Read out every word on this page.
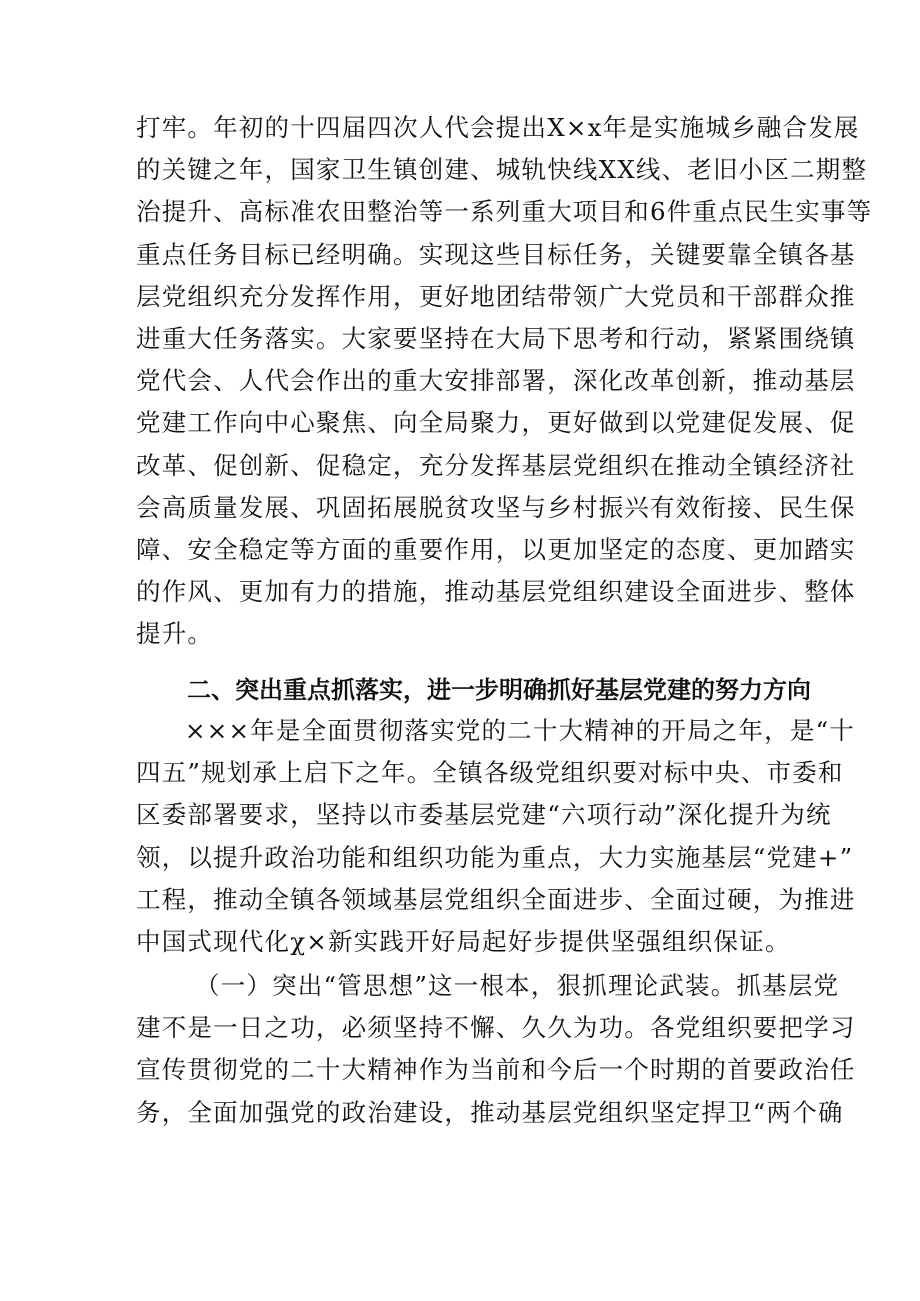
打牢。年初的十四届四次人代会提出X×x年是实施城乡融合发展
的关键之年，国家卫生镇创建、城轨快线XX线、老旧小区二期整
治提升、高标准农田整治等一系列重大项目和6件重点民生实事等
重点任务目标已经明确。实现这些目标任务，关键要靠全镇各基
层党组织充分发挥作用，更好地团结带领广大党员和干部群众推
进重大任务落实。大家要坚持在大局下思考和行动，紧紧围绕镇
党代会、人代会作出的重大安排部署，深化改革创新，推动基层
党建工作向中心聚焦、向全局聚力，更好做到以党建促发展、促
改革、促创新、促稳定，充分发挥基层党组织在推动全镇经济社
会高质量发展、巩固拓展脱贫攻坚与乡村振兴有效衔接、民生保
障、安全稳定等方面的重要作用，以更加坚定的态度、更加踏实
的作风、更加有力的措施，推动基层党组织建设全面进步、整体
提升。
二、突出重点抓落实，进一步明确抓好基层党建的努力方向
×××年是全面贯彻落实党的二十大精神的开局之年，是“十
四五”规划承上启下之年。全镇各级党组织要对标中央、市委和
区委部署要求，坚持以市委基层党建“六项行动”深化提升为统
领，以提升政治功能和组织功能为重点，大力实施基层“党建+”
工程，推动全镇各领域基层党组织全面进步、全面过硬，为推进
中国式现代化χ×新实践开好局起好步提供坚强组织保证。
（一）突出“管思想”这一根本，狠抓理论武装。抓基层党
建不是一日之功，必须坚持不懈、久久为功。各党组织要把学习
宣传贯彻党的二十大精神作为当前和今后一个时期的首要政治任
务，全面加强党的政治建设，推动基层党组织坚定捍卫“两个确
